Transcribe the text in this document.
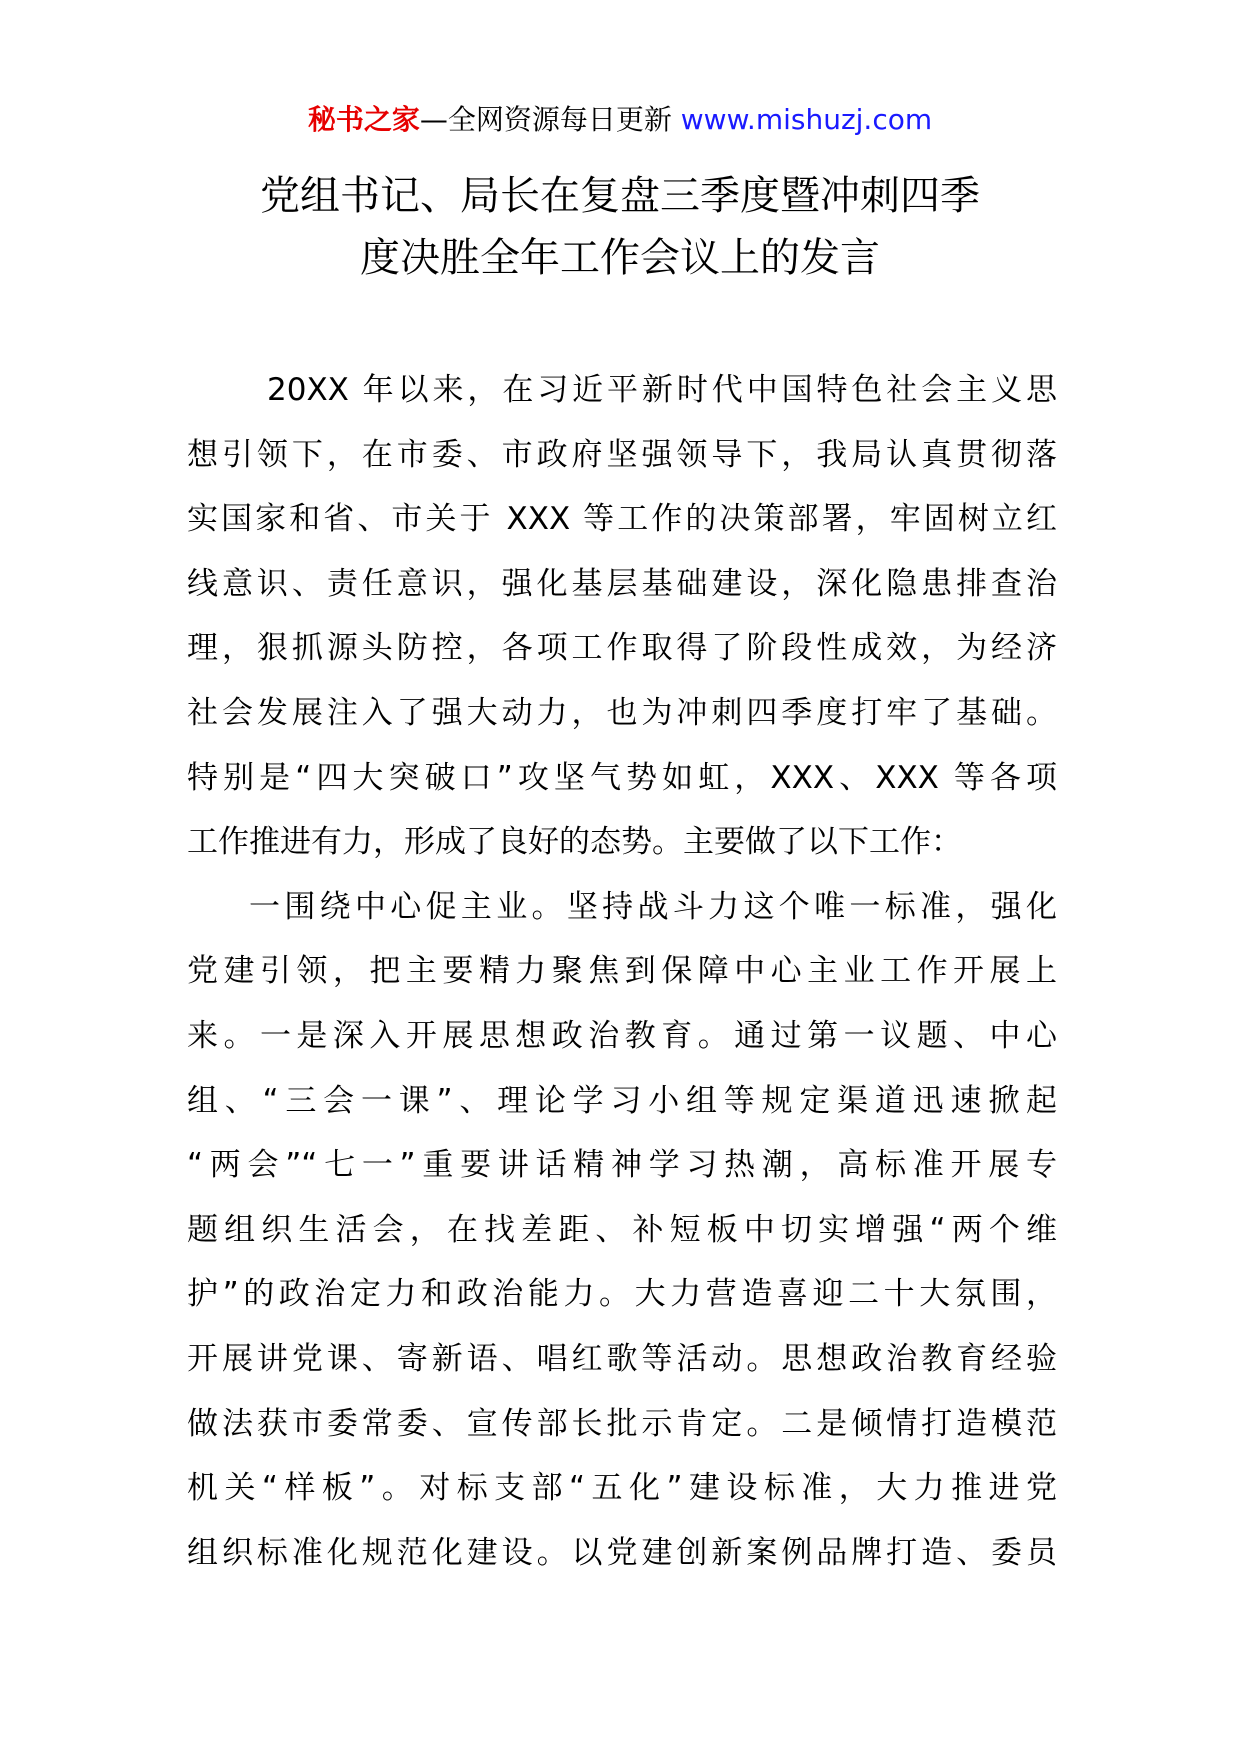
秘书之家—全网资源每日更新 www.mishuzj.com
党组书记、局长在复盘三季度暨冲刺四季
度决胜全年工作会议上的发言
20XX 年以来，在习近平新时代中国特色社会主义思
想引领下，在市委、市政府坚强领导下，我局认真贯彻落
实国家和省、市关于 XXX 等工作的决策部署，牢固树立红
线意识、责任意识，强化基层基础建设，深化隐患排查治
理，狠抓源头防控，各项工作取得了阶段性成效，为经济
社会发展注入了强大动力，也为冲刺四季度打牢了基础。
特别是“四大突破口”攻坚气势如虹，XXX、XXX 等各项
工作推进有力，形成了良好的态势。主要做了以下工作：
一围绕中心促主业。坚持战斗力这个唯一标准，强化
党建引领，把主要精力聚焦到保障中心主业工作开展上
来。一是深入开展思想政治教育。通过第一议题、中心
组、“三会一课”、理论学习小组等规定渠道迅速掀起
“两会”“七一”重要讲话精神学习热潮，高标准开展专
题组织生活会，在找差距、补短板中切实增强“两个维
护”的政治定力和政治能力。大力营造喜迎二十大氛围，
开展讲党课、寄新语、唱红歌等活动。思想政治教育经验
做法获市委常委、宣传部长批示肯定。二是倾情打造模范
机关“样板”。对标支部“五化”建设标准，大力推进党
组织标准化规范化建设。以党建创新案例品牌打造、委员
